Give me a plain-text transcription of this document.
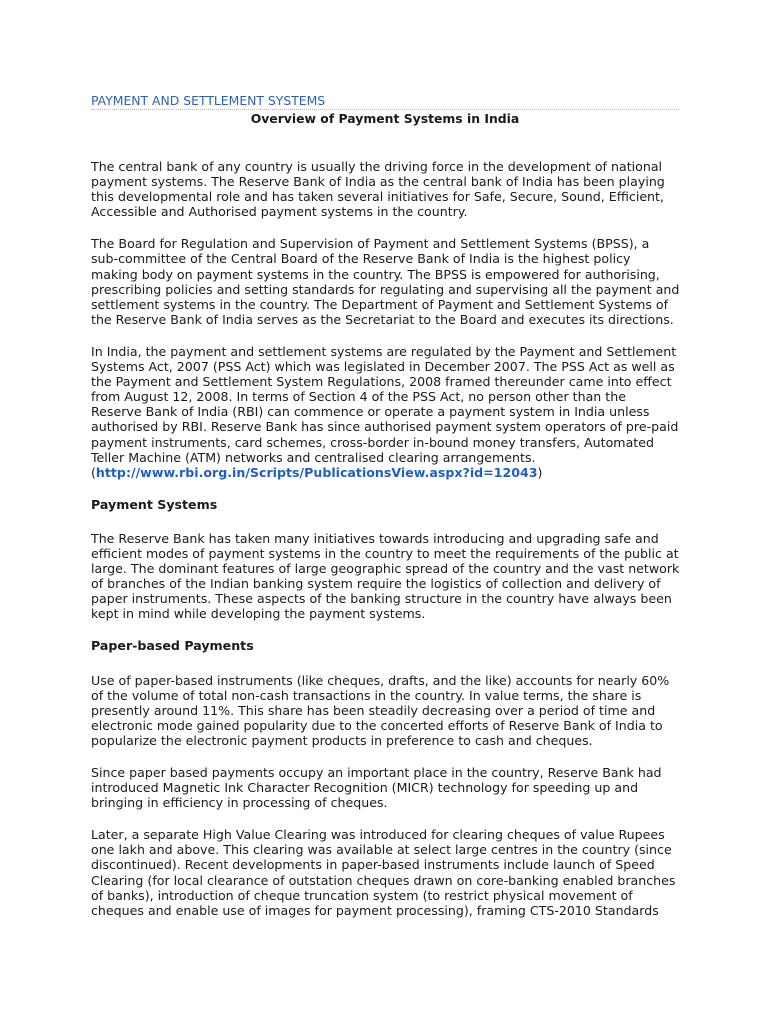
PAYMENT AND SETTLEMENT SYSTEMS
Overview of Payment Systems in India
The central bank of any country is usually the driving force in the development of national
payment systems. The Reserve Bank of India as the central bank of India has been playing
this developmental role and has taken several initiatives for Safe, Secure, Sound, Efficient,
Accessible and Authorised payment systems in the country.
The Board for Regulation and Supervision of Payment and Settlement Systems (BPSS), a
sub-committee of the Central Board of the Reserve Bank of India is the highest policy
making body on payment systems in the country. The BPSS is empowered for authorising,
prescribing policies and setting standards for regulating and supervising all the payment and
settlement systems in the country. The Department of Payment and Settlement Systems of
the Reserve Bank of India serves as the Secretariat to the Board and executes its directions.
In India, the payment and settlement systems are regulated by the Payment and Settlement
Systems Act, 2007 (PSS Act) which was legislated in December 2007. The PSS Act as well as
the Payment and Settlement System Regulations, 2008 framed thereunder came into effect
from August 12, 2008. In terms of Section 4 of the PSS Act, no person other than the
Reserve Bank of India (RBI) can commence or operate a payment system in India unless
authorised by RBI. Reserve Bank has since authorised payment system operators of pre-paid
payment instruments, card schemes, cross-border in-bound money transfers, Automated
Teller Machine (ATM) networks and centralised clearing arrangements.
(http://www.rbi.org.in/Scripts/PublicationsView.aspx?id=12043)
Payment Systems
The Reserve Bank has taken many initiatives towards introducing and upgrading safe and
efficient modes of payment systems in the country to meet the requirements of the public at
large. The dominant features of large geographic spread of the country and the vast network
of branches of the Indian banking system require the logistics of collection and delivery of
paper instruments. These aspects of the banking structure in the country have always been
kept in mind while developing the payment systems.
Paper-based Payments
Use of paper-based instruments (like cheques, drafts, and the like) accounts for nearly 60%
of the volume of total non-cash transactions in the country. In value terms, the share is
presently around 11%. This share has been steadily decreasing over a period of time and
electronic mode gained popularity due to the concerted efforts of Reserve Bank of India to
popularize the electronic payment products in preference to cash and cheques.
Since paper based payments occupy an important place in the country, Reserve Bank had
introduced Magnetic Ink Character Recognition (MICR) technology for speeding up and
bringing in efficiency in processing of cheques.
Later, a separate High Value Clearing was introduced for clearing cheques of value Rupees
one lakh and above. This clearing was available at select large centres in the country (since
discontinued). Recent developments in paper-based instruments include launch of Speed
Clearing (for local clearance of outstation cheques drawn on core-banking enabled branches
of banks), introduction of cheque truncation system (to restrict physical movement of
cheques and enable use of images for payment processing), framing CTS-2010 Standards
